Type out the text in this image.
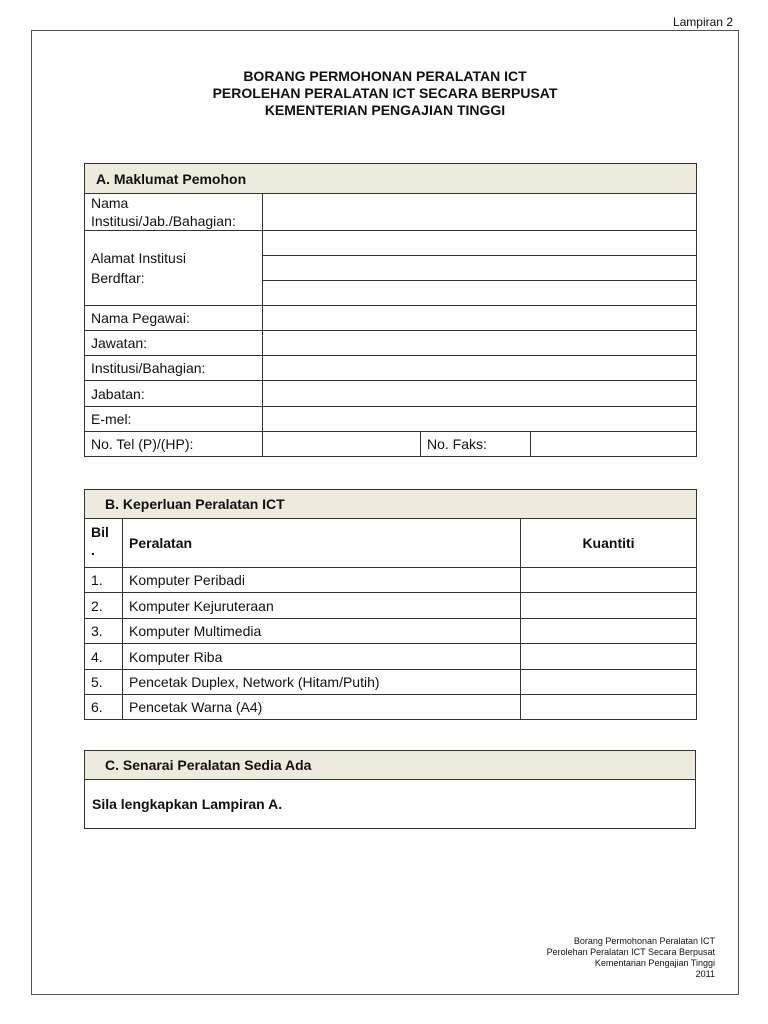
Lampiran 2
BORANG PERMOHONAN PERALATAN ICT
PEROLEHAN PERALATAN ICT SECARA BERPUSAT
KEMENTERIAN PENGAJIAN TINGGI
A. Maklumat Pemohon			

Nama
Institusi/Jab./Bahagian:			

Alamat Institusi
Berdftar:			

Nama Pegawai:			
Jawatan:			
Institusi/Bahagian:			
Jabatan:			
E-mel:			
No. Tel (P)/(HP):		No. Faks:	
B. Keperluan Peralatan ICT		

Bil
.	Peralatan	Kuantiti
1.	Komputer Peribadi	
2.	Komputer Kejuruteraan	
3.	Komputer Multimedia	
4.	Komputer Riba	
5.	Pencetak Duplex, Network (Hitam/Putih)	
6.	Pencetak Warna (A4)	
C. Senarai Peralatan Sedia Ada
Sila lengkapkan Lampiran A.
Borang Permohonan Peralatan ICT
Perolehan Peralatan ICT Secara Berpusat
Kementarian Pengajian Tinggi
2011
